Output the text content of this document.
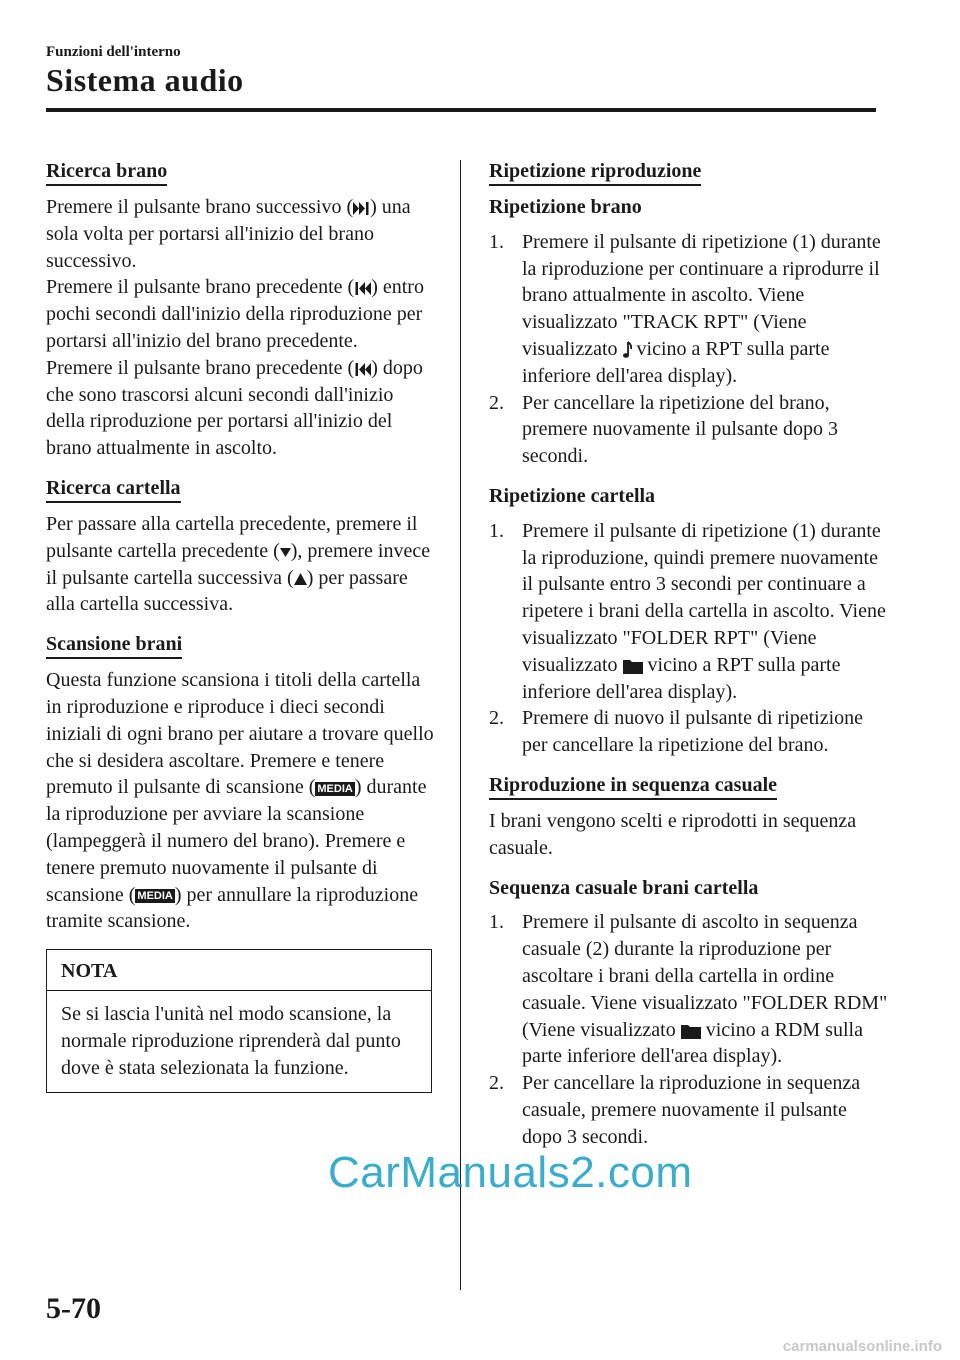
Funzioni dell'interno
Sistema audio
Ricerca brano
Premere il pulsante brano successivo ( ) una sola volta per portarsi all'inizio del brano successivo.
Premere il pulsante brano precedente ( ) entro pochi secondi dall'inizio della riproduzione per portarsi all'inizio del brano precedente.
Premere il pulsante brano precedente ( ) dopo che sono trascorsi alcuni secondi dall'inizio della riproduzione per portarsi all'inizio del brano attualmente in ascolto.
Ricerca cartella
Per passare alla cartella precedente, premere il pulsante cartella precedente ( ), premere invece il pulsante cartella successiva ( ) per passare alla cartella successiva.
Scansione brani
Questa funzione scansiona i titoli della cartella in riproduzione e riproduce i dieci secondi iniziali di ogni brano per aiutare a trovare quello che si desidera ascoltare. Premere e tenere premuto il pulsante di scansione ( MEDIA ) durante la riproduzione per avviare la scansione (lampeggerà il numero del brano). Premere e tenere premuto nuovamente il pulsante di scansione ( MEDIA ) per annullare la riproduzione tramite scansione.
NOTA
Se si lascia l'unità nel modo scansione, la normale riproduzione riprenderà dal punto dove è stata selezionata la funzione.
Ripetizione riproduzione
Ripetizione brano
1. Premere il pulsante di ripetizione (1) durante la riproduzione per continuare a riprodurre il brano attualmente in ascolto. Viene visualizzato "TRACK RPT" (Viene visualizzato  vicino a RPT sulla parte inferiore dell'area display).
2. Per cancellare la ripetizione del brano, premere nuovamente il pulsante dopo 3 secondi.
Ripetizione cartella
1. Premere il pulsante di ripetizione (1) durante la riproduzione, quindi premere nuovamente il pulsante entro 3 secondi per continuare a ripetere i brani della cartella in ascolto. Viene visualizzato "FOLDER RPT" (Viene visualizzato  vicino a RPT sulla parte inferiore dell'area display).
2. Premere di nuovo il pulsante di ripetizione per cancellare la ripetizione del brano.
Riproduzione in sequenza casuale
I brani vengono scelti e riprodotti in sequenza casuale.
Sequenza casuale brani cartella
1. Premere il pulsante di ascolto in sequenza casuale (2) durante la riproduzione per ascoltare i brani della cartella in ordine casuale. Viene visualizzato "FOLDER RDM" (Viene visualizzato  vicino a RDM sulla parte inferiore dell'area display).
2. Per cancellare la riproduzione in sequenza casuale, premere nuovamente il pulsante dopo 3 secondi.
5-70
CarManuals2.com
carmanualsonline.info
